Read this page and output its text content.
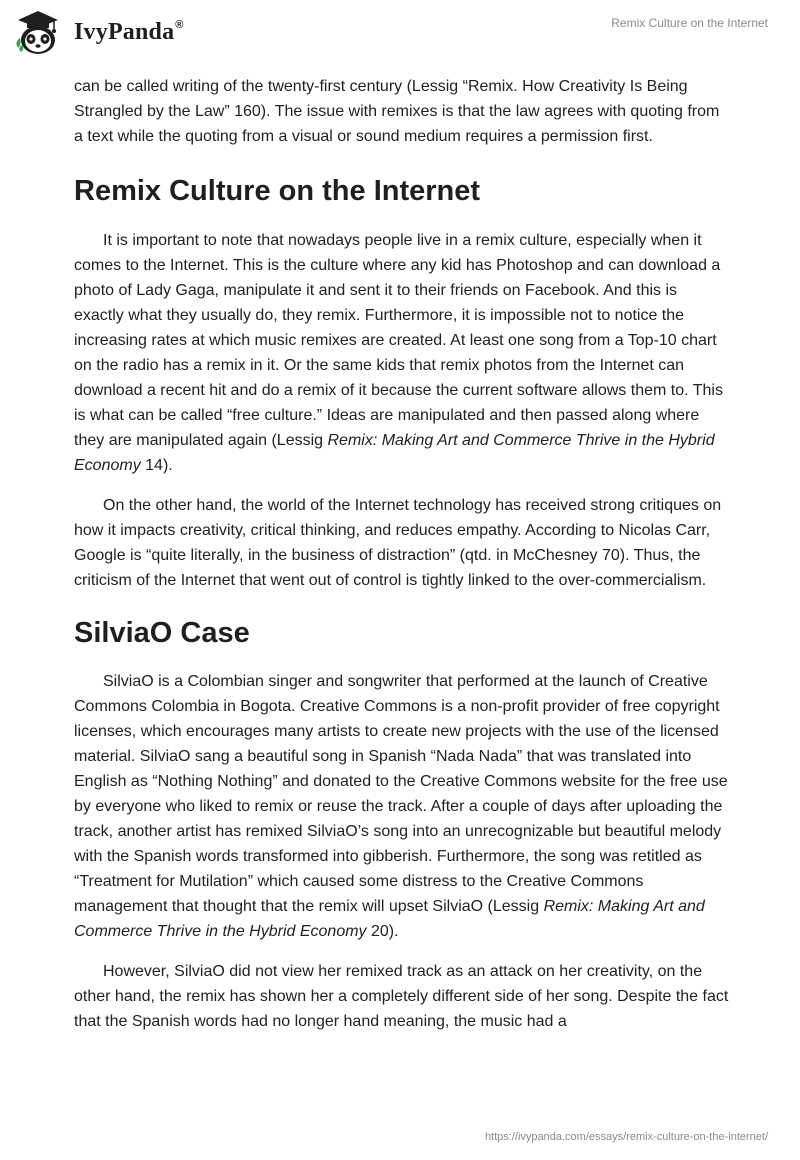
IvyPanda®	Remix Culture on the Internet

can be called writing of the twenty-first century (Lessig “Remix. How Creativity Is Being Strangled by the Law” 160). The issue with remixes is that the law agrees with quoting from a text while the quoting from a visual or sound medium requires a permission first.

Remix Culture on the Internet

It is important to note that nowadays people live in a remix culture, especially when it comes to the Internet. This is the culture where any kid has Photoshop and can download a photo of Lady Gaga, manipulate it and sent it to their friends on Facebook. And this is exactly what they usually do, they remix. Furthermore, it is impossible not to notice the increasing rates at which music remixes are created. At least one song from a Top-10 chart on the radio has a remix in it. Or the same kids that remix photos from the Internet can download a recent hit and do a remix of it because the current software allows them to. This is what can be called “free culture.” Ideas are manipulated and then passed along where they are manipulated again (Lessig Remix: Making Art and Commerce Thrive in the Hybrid Economy 14).

On the other hand, the world of the Internet technology has received strong critiques on how it impacts creativity, critical thinking, and reduces empathy. According to Nicolas Carr, Google is “quite literally, in the business of distraction” (qtd. in McChesney 70). Thus, the criticism of the Internet that went out of control is tightly linked to the over-commercialism.

SilviaO Case

SilviaO is a Colombian singer and songwriter that performed at the launch of Creative Commons Colombia in Bogota. Creative Commons is a non-profit provider of free copyright licenses, which encourages many artists to create new projects with the use of the licensed material. SilviaO sang a beautiful song in Spanish “Nada Nada” that was translated into English as “Nothing Nothing” and donated to the Creative Commons website for the free use by everyone who liked to remix or reuse the track. After a couple of days after uploading the track, another artist has remixed SilviaO’s song into an unrecognizable but beautiful melody with the Spanish words transformed into gibberish. Furthermore, the song was retitled as “Treatment for Mutilation” which caused some distress to the Creative Commons management that thought that the remix will upset SilviaO (Lessig Remix: Making Art and Commerce Thrive in the Hybrid Economy 20).

However, SilviaO did not view her remixed track as an attack on her creativity, on the other hand, the remix has shown her a completely different side of her song. Despite the fact that the Spanish words had no longer hand meaning, the music had a

https://ivypanda.com/essays/remix-culture-on-the-internet/
